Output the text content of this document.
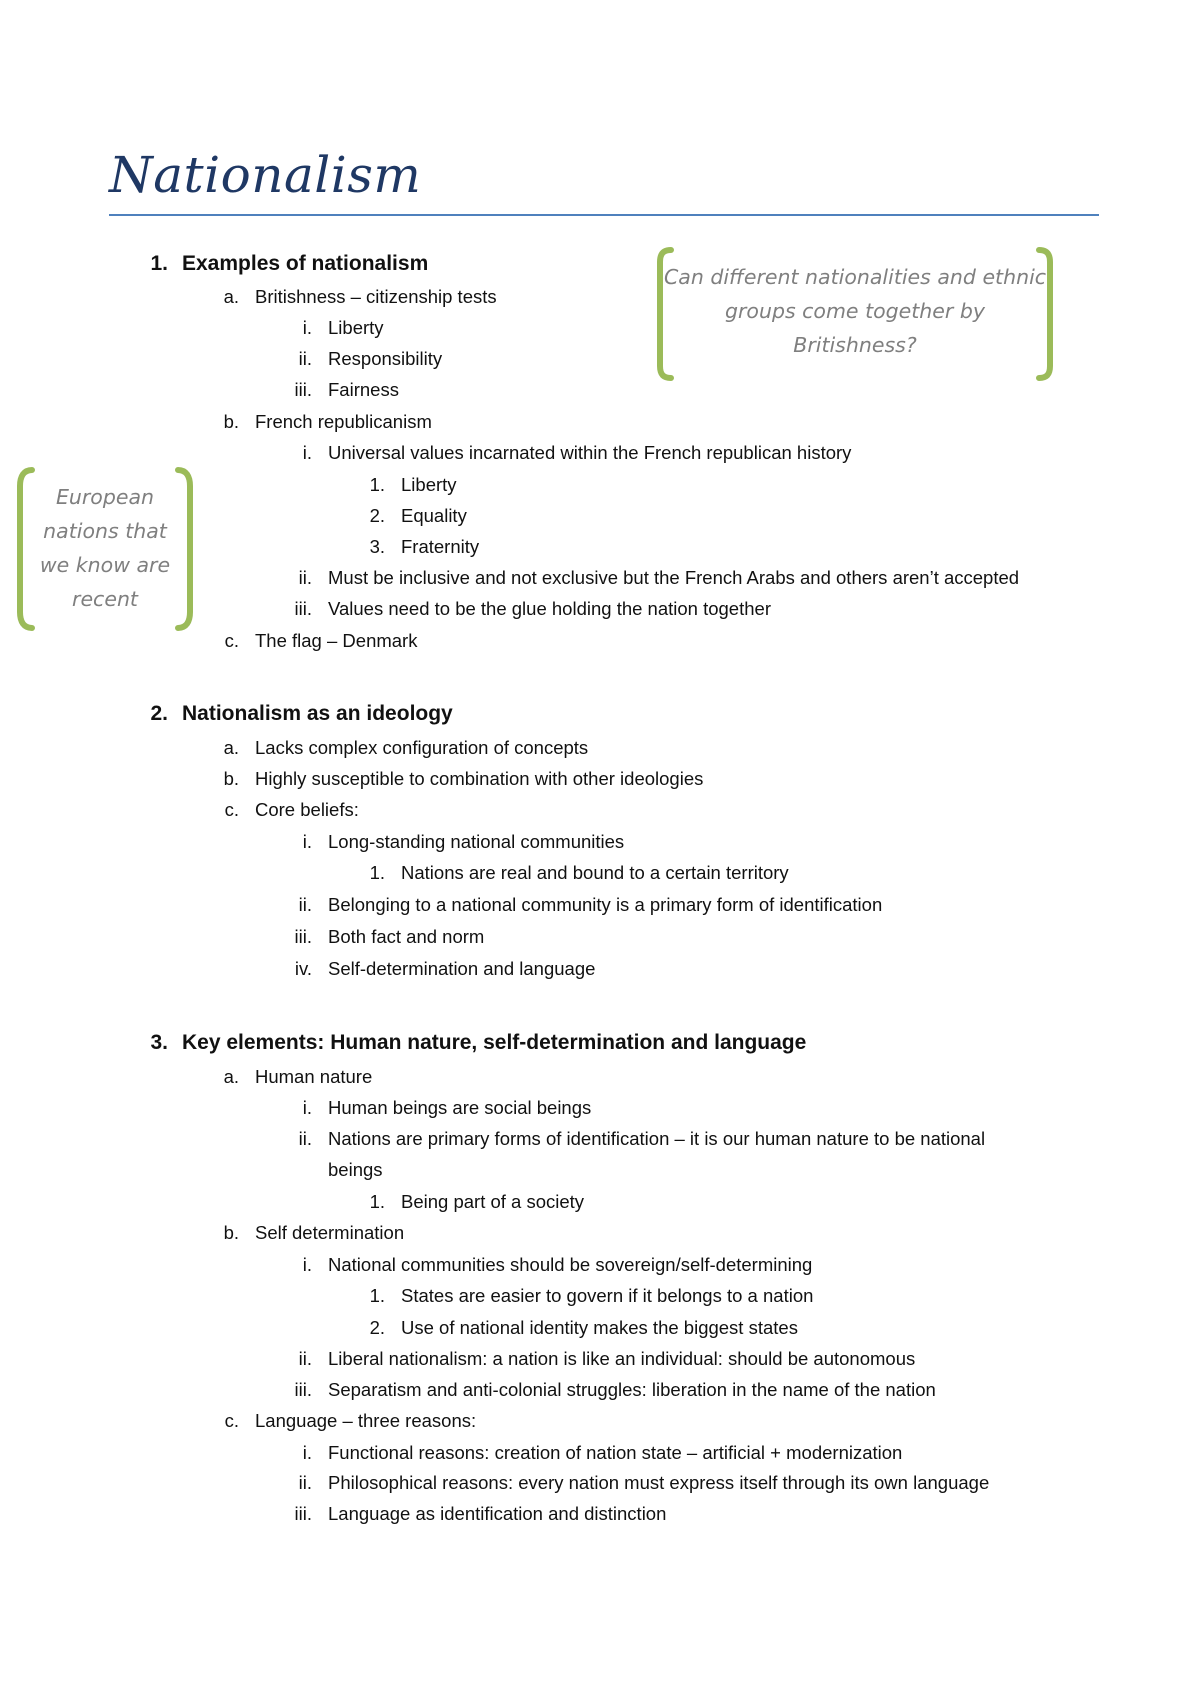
Nationalism
1. Examples of nationalism
a. Britishness – citizenship tests
i. Liberty
ii. Responsibility
iii. Fairness
b. French republicanism
i. Universal values incarnated within the French republican history
1. Liberty
2. Equality
3. Fraternity
ii. Must be inclusive and not exclusive but the French Arabs and others aren’t accepted
iii. Values need to be the glue holding the nation together
c. The flag – Denmark
2. Nationalism as an ideology
a. Lacks complex configuration of concepts
b. Highly susceptible to combination with other ideologies
c. Core beliefs:
i. Long-standing national communities
1. Nations are real and bound to a certain territory
ii. Belonging to a national community is a primary form of identification
iii. Both fact and norm
iv. Self-determination and language
3. Key elements: Human nature, self-determination and language
a. Human nature
i. Human beings are social beings
ii. Nations are primary forms of identification – it is our human nature to be national
beings
1. Being part of a society
b. Self determination
i. National communities should be sovereign/self-determining
1. States are easier to govern if it belongs to a nation
2. Use of national identity makes the biggest states
ii. Liberal nationalism: a nation is like an individual: should be autonomous
iii. Separatism and anti-colonial struggles: liberation in the name of the nation
c. Language – three reasons:
i. Functional reasons: creation of nation state – artificial + modernization
ii. Philosophical reasons: every nation must express itself through its own language
iii. Language as identification and distinction
Can different nationalities and ethnic
groups come together by
Britishness?
European
nations that
we know are
recent
